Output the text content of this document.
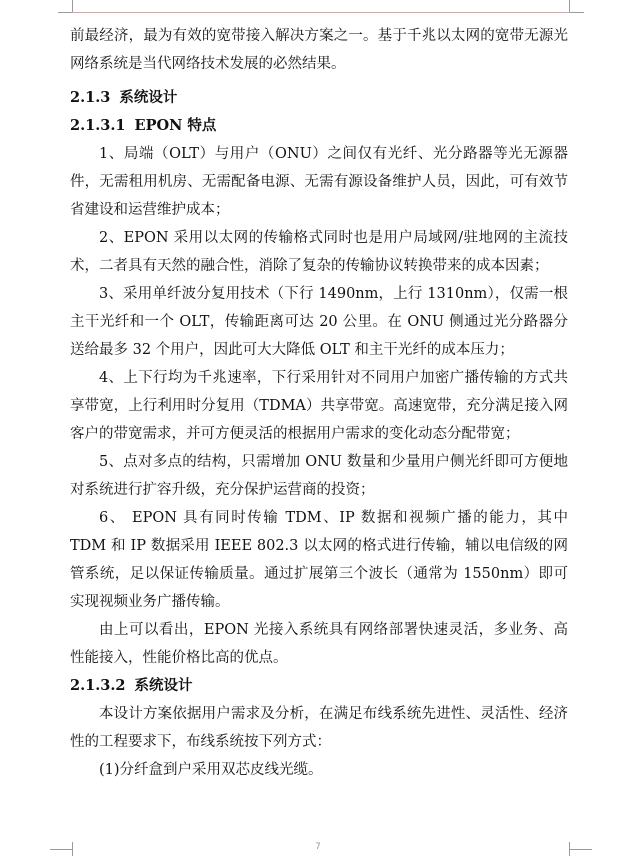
前最经济，最为有效的宽带接入解决方案之一。基于千兆以太网的宽带无源光网络系统是当代网络技术发展的必然结果。

2.1.3 系统设计
2.1.3.1 EPON 特点

1、局端（OLT）与用户（ONU）之间仅有光纤、光分路器等光无源器件，无需租用机房、无需配备电源、无需有源设备维护人员，因此，可有效节省建设和运营维护成本；

2、EPON 采用以太网的传输格式同时也是用户局域网/驻地网的主流技术，二者具有天然的融合性，消除了复杂的传输协议转换带来的成本因素；

3、采用单纤波分复用技术（下行 1490nm，上行 1310nm），仅需一根主干光纤和一个 OLT，传输距离可达 20 公里。在 ONU 侧通过光分路器分送给最多 32 个用户，因此可大大降低 OLT 和主干光纤的成本压力；

4、上下行均为千兆速率，下行采用针对不同用户加密广播传输的方式共享带宽，上行利用时分复用（TDMA）共享带宽。高速宽带，充分满足接入网客户的带宽需求，并可方便灵活的根据用户需求的变化动态分配带宽；

5、点对多点的结构，只需增加 ONU 数量和少量用户侧光纤即可方便地对系统进行扩容升级，充分保护运营商的投资；

6、 EPON 具有同时传输 TDM、IP 数据和视频广播的能力，其中 TDM 和 IP 数据采用 IEEE 802.3 以太网的格式进行传输，辅以电信级的网管系统，足以保证传输质量。通过扩展第三个波长（通常为 1550nm）即可实现视频业务广播传输。

由上可以看出，EPON 光接入系统具有网络部署快速灵活，多业务、高性能接入，性能价格比高的优点。

2.1.3.2 系统设计

本设计方案依据用户需求及分析，在满足布线系统先进性、灵活性、经济性的工程要求下，布线系统按下列方式：

(1)分纤盒到户采用双芯皮线光缆。

7
